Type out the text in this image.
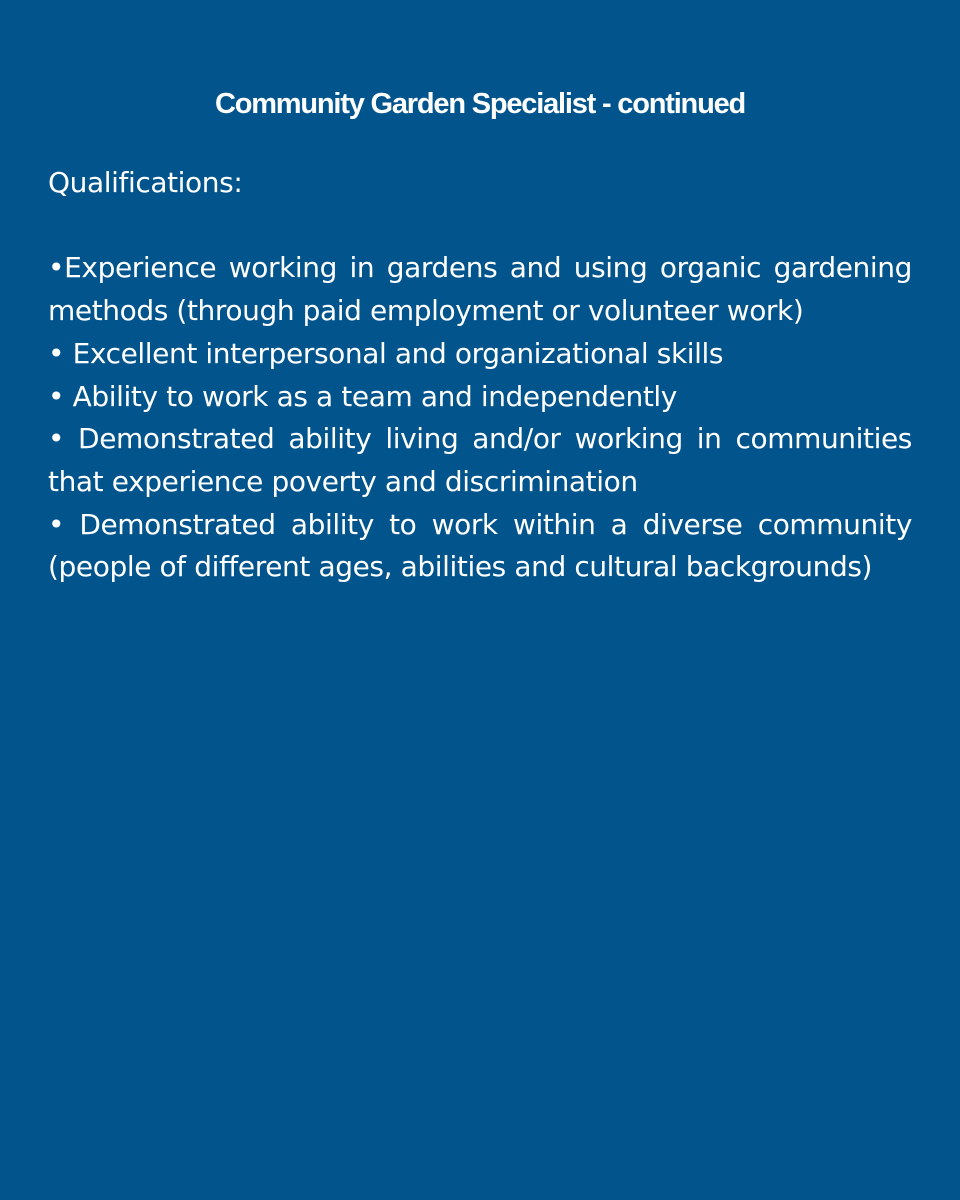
Community Garden Specialist - continued

Qualifications:

•Experience working in gardens and using organic gardening methods (through paid employment or volunteer work)

• Excellent interpersonal and organizational skills

• Ability to work as a team and independently

• Demonstrated ability living and/or working in communities that experience poverty and discrimination

• Demonstrated ability to work within a diverse community (people of different ages, abilities and cultural backgrounds)
